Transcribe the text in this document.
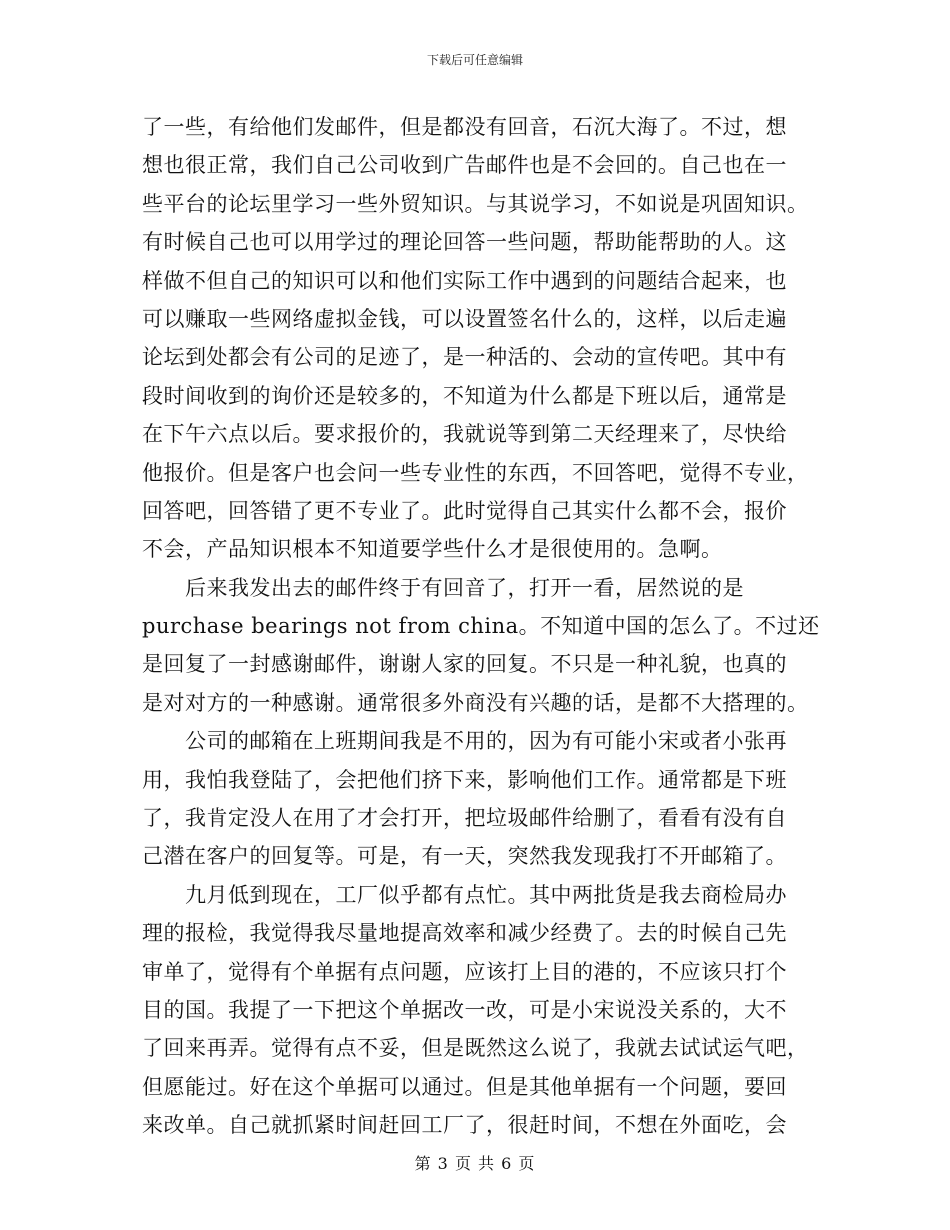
下载后可任意编辑
了一些，有给他们发邮件，但是都没有回音，石沉大海了。不过，想
想也很正常，我们自己公司收到广告邮件也是不会回的。自己也在一
些平台的论坛里学习一些外贸知识。与其说学习，不如说是巩固知识。
有时候自己也可以用学过的理论回答一些问题，帮助能帮助的人。这
样做不但自己的知识可以和他们实际工作中遇到的问题结合起来，也
可以赚取一些网络虚拟金钱，可以设置签名什么的，这样，以后走遍
论坛到处都会有公司的足迹了，是一种活的、会动的宣传吧。其中有
段时间收到的询价还是较多的，不知道为什么都是下班以后，通常是
在下午六点以后。要求报价的，我就说等到第二天经理来了，尽快给
他报价。但是客户也会问一些专业性的东西，不回答吧，觉得不专业，
回答吧，回答错了更不专业了。此时觉得自己其实什么都不会，报价
不会，产品知识根本不知道要学些什么才是很使用的。急啊。
后来我发出去的邮件终于有回音了，打开一看，居然说的是
purchase bearings not from china。不知道中国的怎么了。不过还
是回复了一封感谢邮件，谢谢人家的回复。不只是一种礼貌，也真的
是对对方的一种感谢。通常很多外商没有兴趣的话，是都不大搭理的。
公司的邮箱在上班期间我是不用的，因为有可能小宋或者小张再
用，我怕我登陆了，会把他们挤下来，影响他们工作。通常都是下班
了，我肯定没人在用了才会打开，把垃圾邮件给删了，看看有没有自
己潜在客户的回复等。可是，有一天，突然我发现我打不开邮箱了。
九月低到现在，工厂似乎都有点忙。其中两批货是我去商检局办
理的报检，我觉得我尽量地提高效率和减少经费了。去的时候自己先
审单了，觉得有个单据有点问题，应该打上目的港的，不应该只打个
目的国。我提了一下把这个单据改一改，可是小宋说没关系的，大不
了回来再弄。觉得有点不妥，但是既然这么说了，我就去试试运气吧，
但愿能过。好在这个单据可以通过。但是其他单据有一个问题，要回
来改单。自己就抓紧时间赶回工厂了，很赶时间，不想在外面吃，会
第 3 页 共 6 页
